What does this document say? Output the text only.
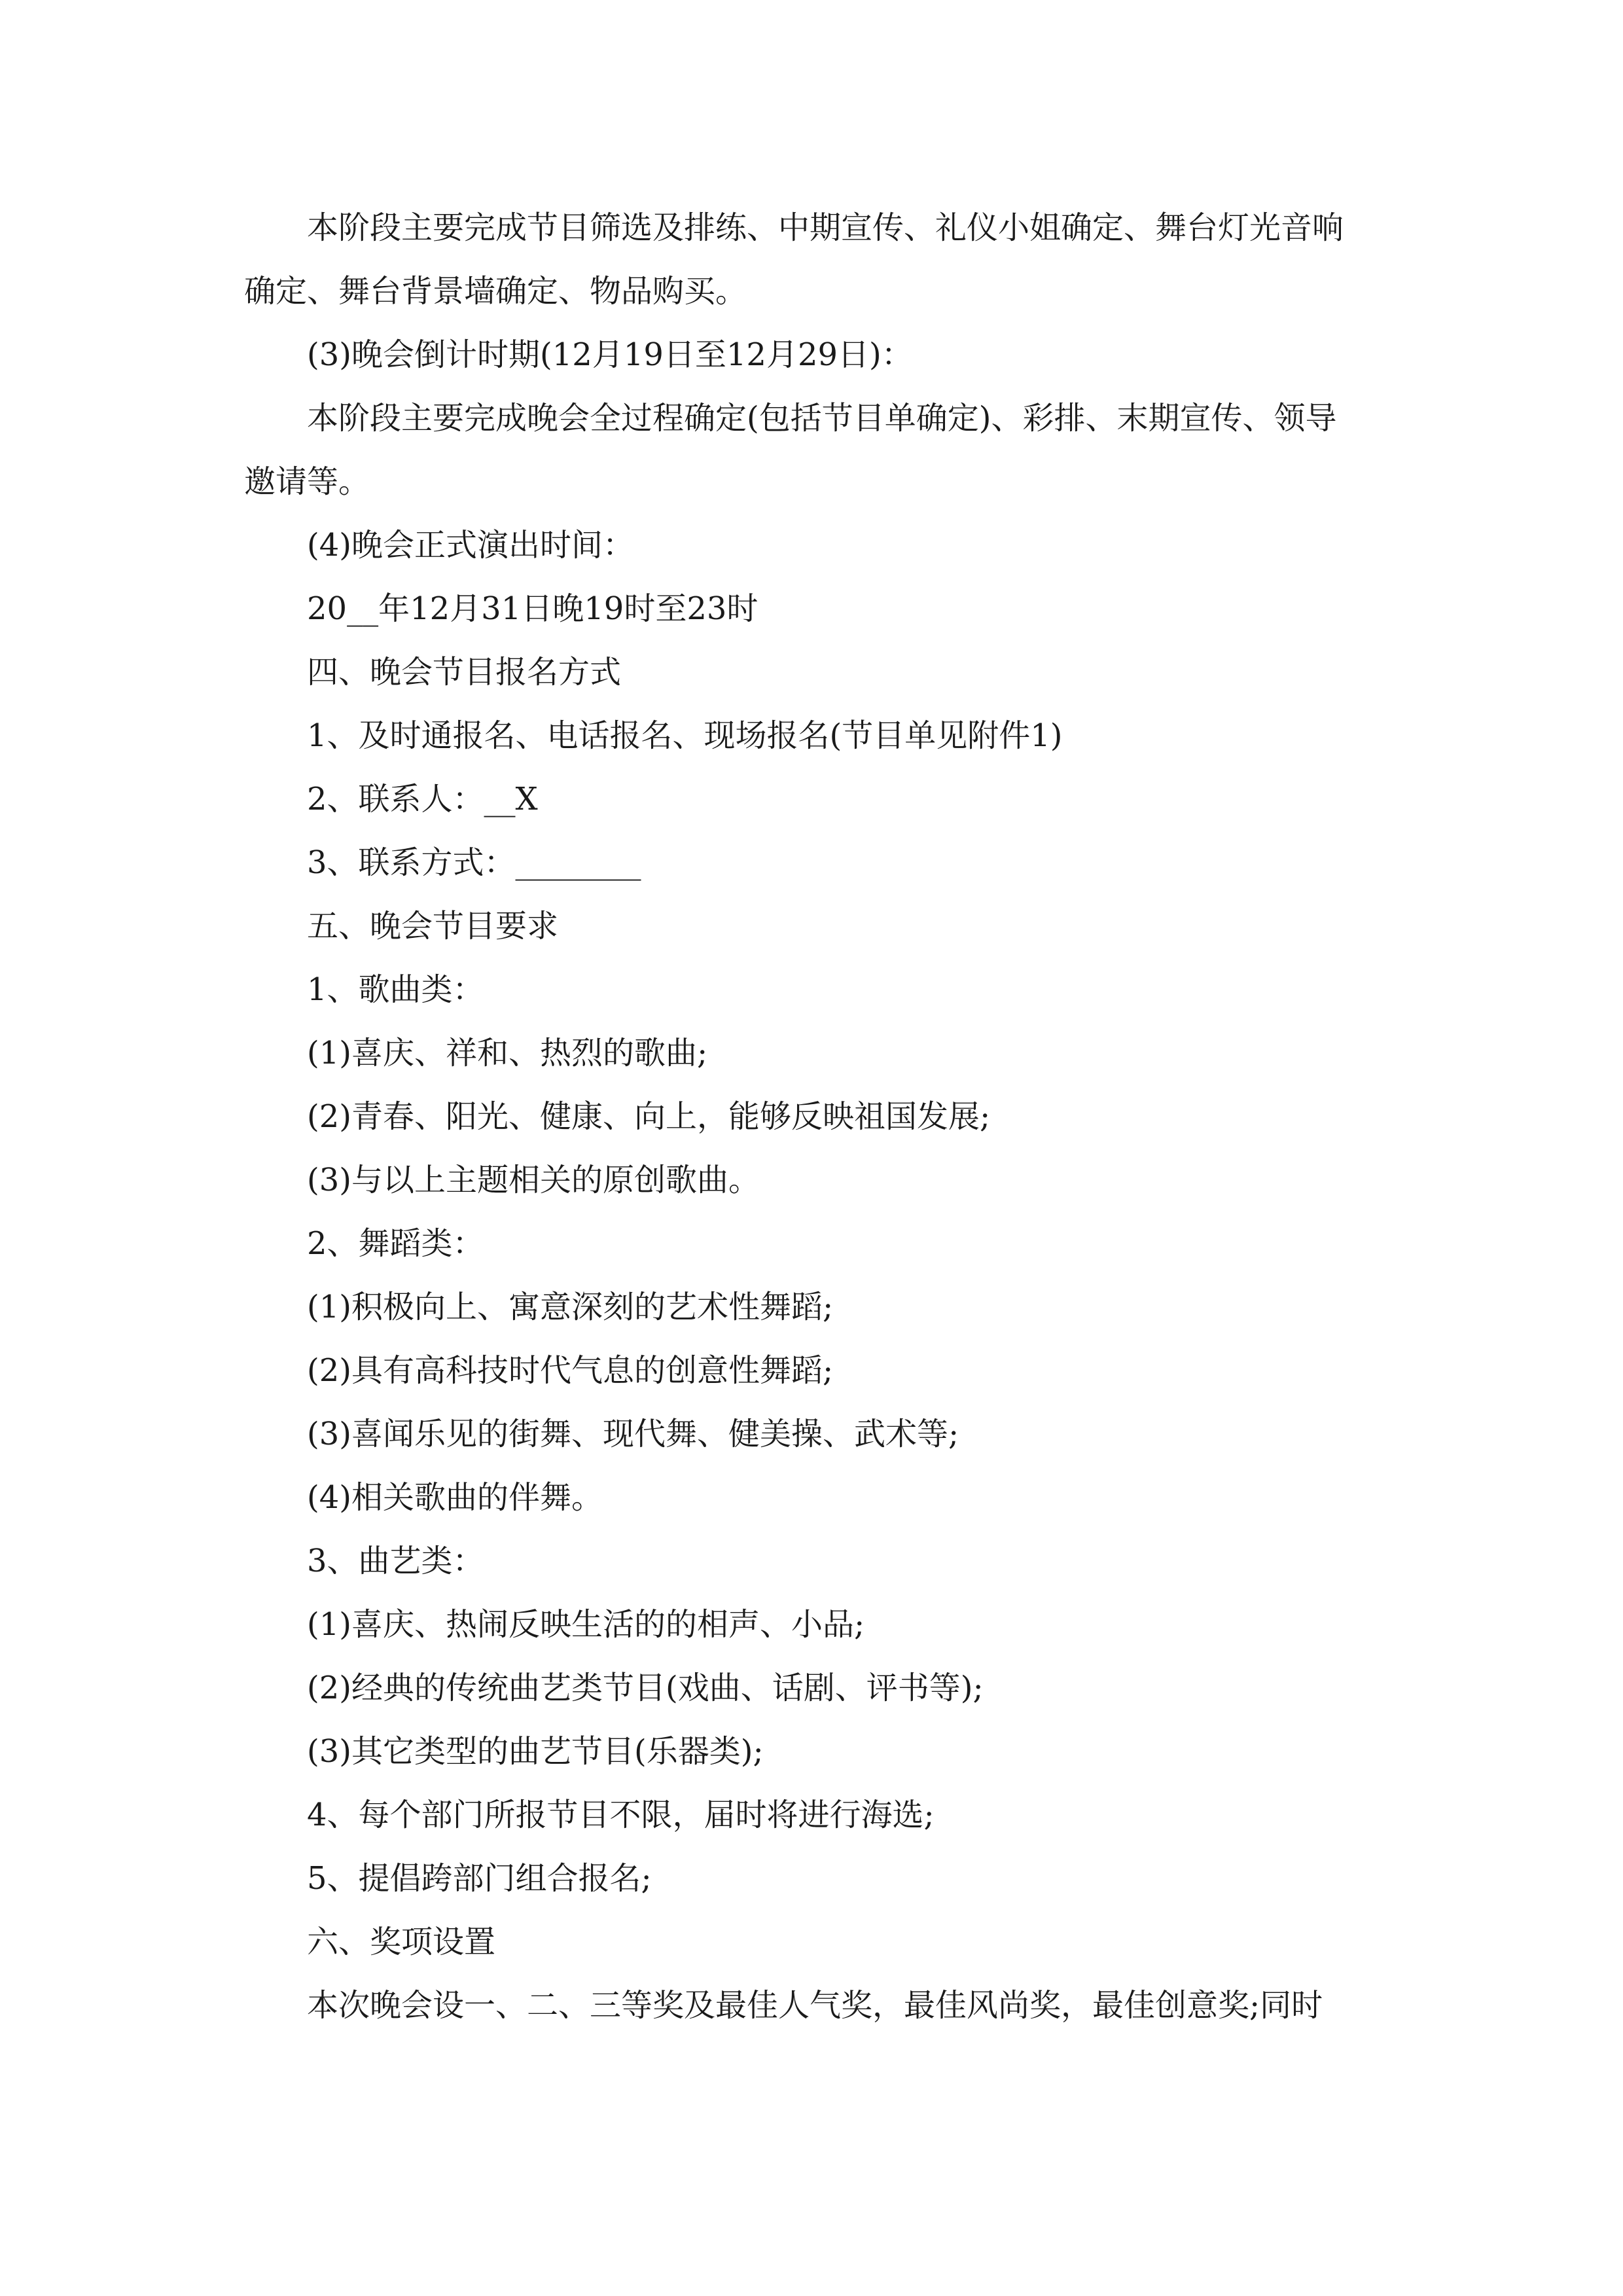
本阶段主要完成节目筛选及排练、中期宣传、礼仪小姐确定、舞台灯光音响

确定、舞台背景墙确定、物品购买。

(3)晚会倒计时期(12月19日至12月29日)：

本阶段主要完成晚会全过程确定(包括节目单确定)、彩排、末期宣传、领导

邀请等。

(4)晚会正式演出时间：

20__年12月31日晚19时至23时

四、晚会节目报名方式

1、及时通报名、电话报名、现场报名(节目单见附件1)

2、联系人：__X

3、联系方式：________

五、晚会节目要求

1、歌曲类：

(1)喜庆、祥和、热烈的歌曲;

(2)青春、阳光、健康、向上，能够反映祖国发展;

(3)与以上主题相关的原创歌曲。

2、舞蹈类：

(1)积极向上、寓意深刻的艺术性舞蹈;

(2)具有高科技时代气息的创意性舞蹈;

(3)喜闻乐见的街舞、现代舞、健美操、武术等;

(4)相关歌曲的伴舞。

3、曲艺类：

(1)喜庆、热闹反映生活的的相声、小品;

(2)经典的传统曲艺类节目(戏曲、话剧、评书等);

(3)其它类型的曲艺节目(乐器类);

4、每个部门所报节目不限，届时将进行海选;

5、提倡跨部门组合报名;

六、奖项设置

本次晚会设一、二、三等奖及最佳人气奖，最佳风尚奖，最佳创意奖;同时
